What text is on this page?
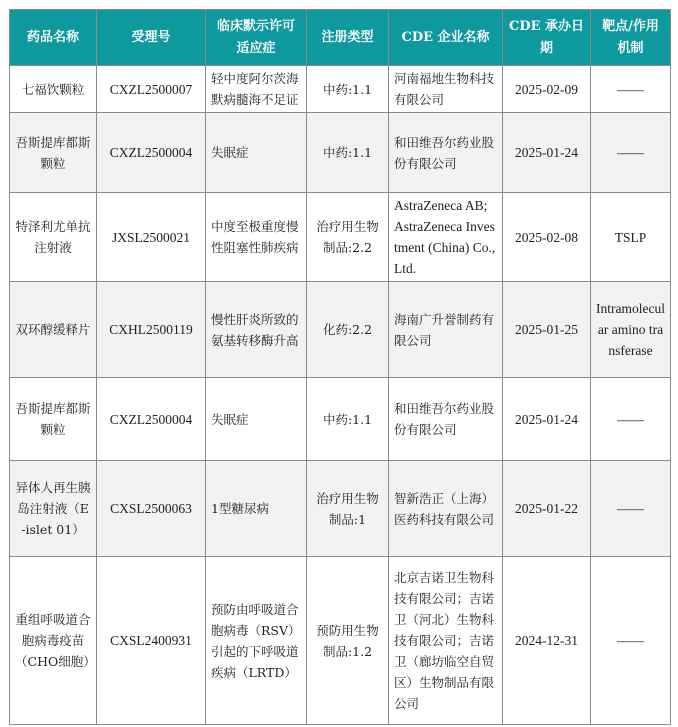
药品名称	受理号	临床默示许可适应症	注册类型	CDE 企业名称	CDE 承办日期	靶点/作用机制
七福饮颗粒	CXZL2500007	轻中度阿尔茨海默病髓海不足证	中药:1.1	河南福地生物科技有限公司	2025-02-09	——
吾斯提库都斯颗粒	CXZL2500004	失眠症	中药:1.1	和田维吾尔药业股份有限公司	2025-01-24	——
特泽利尤单抗注射液	JXSL2500021	中度至极重度慢性阻塞性肺疾病	治疗用生物制品:2.2	AstraZeneca AB; AstraZeneca Investment (China) Co., Ltd.	2025-02-08	TSLP
双环醇缓释片	CXHL2500119	慢性肝炎所致的氨基转移酶升高	化药:2.2	海南广升誉制药有限公司	2025-01-25	Intramolecular amino transferase
吾斯提库都斯颗粒	CXZL2500004	失眠症	中药:1.1	和田维吾尔药业股份有限公司	2025-01-24	——
异体人再生胰岛注射液（E-islet 01）	CXSL2500063	1型糖尿病	治疗用生物制品:1	智新浩正（上海）医药科技有限公司	2025-01-22	——
重组呼吸道合胞病毒疫苗（CHO细胞）	CXSL2400931	预防由呼吸道合胞病毒（RSV）引起的下呼吸道疾病（LRTD）	预防用生物制品:1.2	北京吉诺卫生物科技有限公司；吉诺卫（河北）生物科技有限公司；吉诺卫（廊坊临空自贸区）生物制品有限公司	2024-12-31	——
